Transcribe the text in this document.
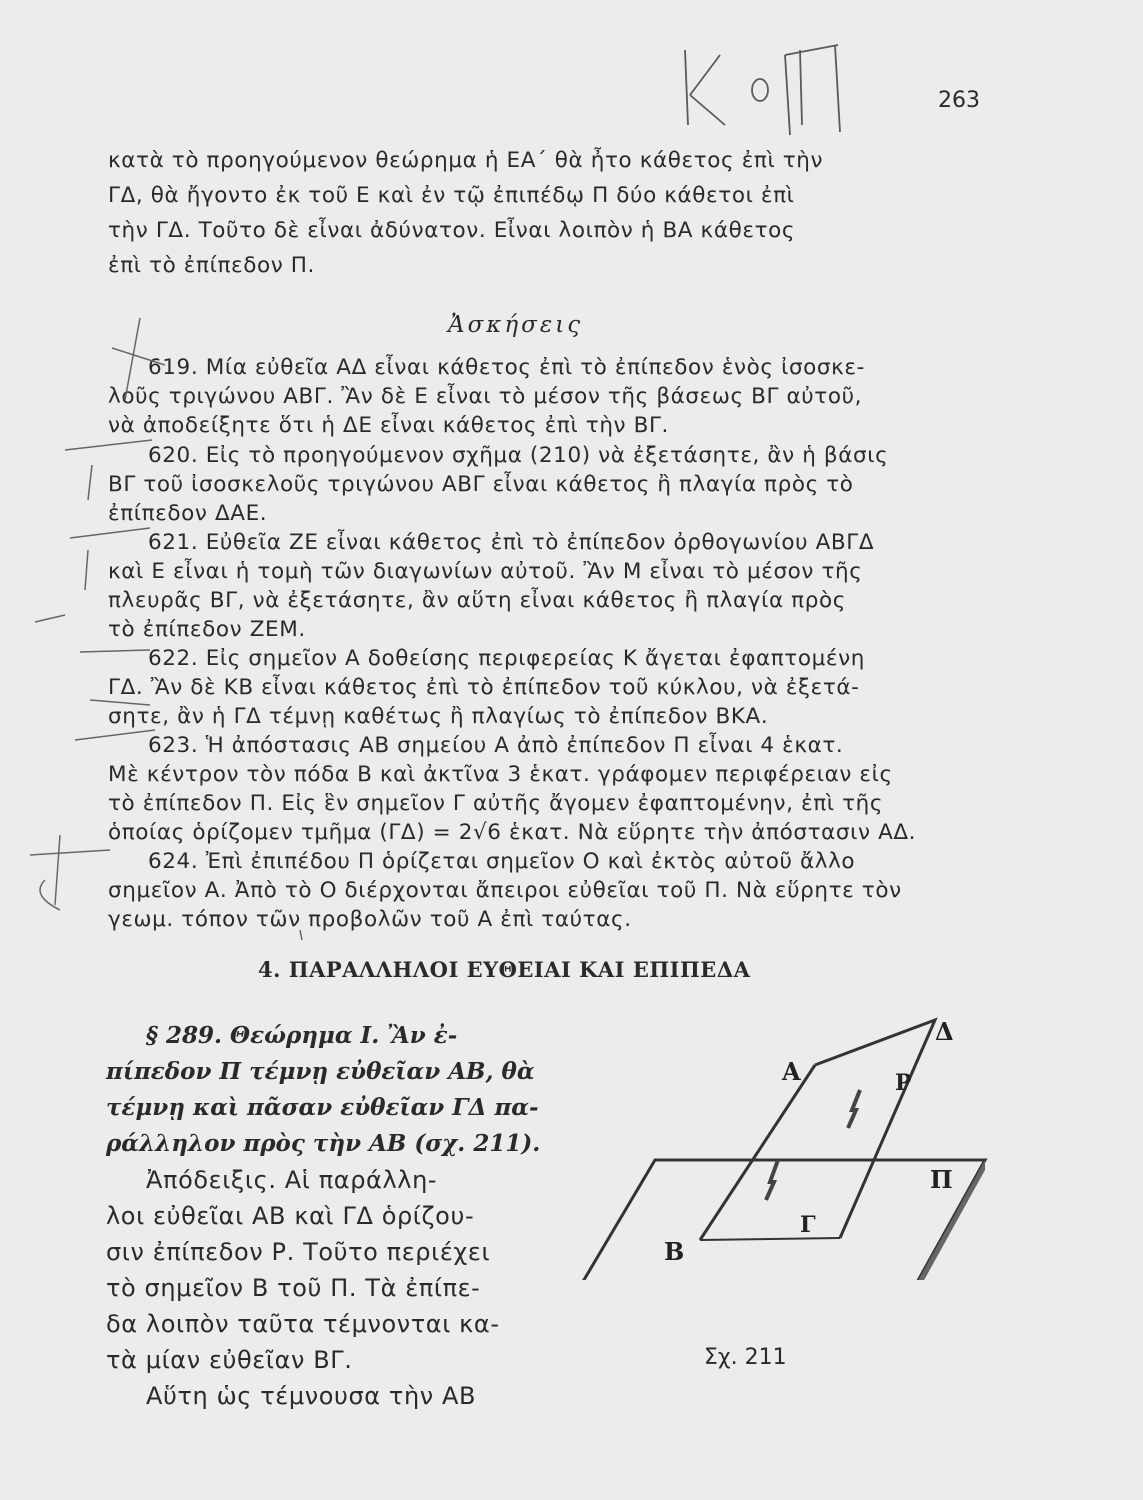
263
κατὰ τὸ προηγούμενον θεώρημα ἡ ΕΑ΄ θὰ ἦτο κάθετος ἐπὶ τὴν
ΓΔ, θὰ ἤγοντο ἐκ τοῦ Ε καὶ ἐν τῷ ἐπιπέδῳ Π δύο κάθετοι ἐπὶ
τὴν ΓΔ. Τοῦτο δὲ εἶναι ἀδύνατον. Εἶναι λοιπὸν ἡ ΒΑ κάθετος
ἐπὶ τὸ ἐπίπεδον Π.
Ἀσκήσεις
619. Μία εὐθεῖα ΑΔ εἶναι κάθετος ἐπὶ τὸ ἐπίπεδον ἑνὸς ἰσοσκε-
λοῦς τριγώνου ΑΒΓ. Ἂν δὲ Ε εἶναι τὸ μέσον τῆς βάσεως ΒΓ αὐτοῦ,
νὰ ἀποδείξητε ὅτι ἡ ΔΕ εἶναι κάθετος ἐπὶ τὴν ΒΓ.
620. Εἰς τὸ προηγούμενον σχῆμα (210) νὰ ἐξετάσητε, ἂν ἡ βάσις
ΒΓ τοῦ ἰσοσκελοῦς τριγώνου ΑΒΓ εἶναι κάθετος ἢ πλαγία πρὸς τὸ
ἐπίπεδον ΔΑΕ.
621. Εὐθεῖα ΖΕ εἶναι κάθετος ἐπὶ τὸ ἐπίπεδον ὀρθογωνίου ΑΒΓΔ
καὶ Ε εἶναι ἡ τομὴ τῶν διαγωνίων αὐτοῦ. Ἂν Μ εἶναι τὸ μέσον τῆς
πλευρᾶς ΒΓ, νὰ ἐξετάσητε, ἂν αὕτη εἶναι κάθετος ἢ πλαγία πρὸς
τὸ ἐπίπεδον ΖΕΜ.
622. Εἰς σημεῖον Α δοθείσης περιφερείας Κ ἄγεται ἐφαπτομένη
ΓΔ. Ἂν δὲ ΚΒ εἶναι κάθετος ἐπὶ τὸ ἐπίπεδον τοῦ κύκλου, νὰ ἐξετά-
σητε, ἂν ἡ ΓΔ τέμνῃ καθέτως ἢ πλαγίως τὸ ἐπίπεδον ΒΚΑ.
623. Ἡ ἀπόστασις ΑΒ σημείου Α ἀπὸ ἐπίπεδον Π εἶναι 4 ἑκατ.
Μὲ κέντρον τὸν πόδα Β καὶ ἀκτῖνα 3 ἑκατ. γράφομεν περιφέρειαν εἰς
τὸ ἐπίπεδον Π. Εἰς ἓν σημεῖον Γ αὐτῆς ἄγομεν ἐφαπτομένην, ἐπὶ τῆς
ὁποίας ὁρίζομεν τμῆμα (ΓΔ) = 2√6 ἑκατ. Νὰ εὕρητε τὴν ἀπόστασιν ΑΔ.
624. Ἐπὶ ἐπιπέδου Π ὁρίζεται σημεῖον Ο καὶ ἐκτὸς αὐτοῦ ἄλλο
σημεῖον Α. Ἀπὸ τὸ Ο διέρχονται ἄπειροι εὐθεῖαι τοῦ Π. Νὰ εὕρητε τὸν
γεωμ. τόπον τῶν προβολῶν τοῦ Α ἐπὶ ταύτας.
4. ΠΑΡΑΛΛΗΛΟΙ ΕΥΘΕΙΑΙ ΚΑΙ ΕΠΙΠΕΔΑ
§ 289. Θεώρημα Ι. Ἂν ἐ-
πίπεδον Π τέμνῃ εὐθεῖαν ΑΒ, θὰ
τέμνῃ καὶ πᾶσαν εὐθεῖαν ΓΔ πα-
ράλληλον πρὸς τὴν ΑΒ (σχ. 211).
Ἀπόδειξις. Αἱ παράλλη-
λοι εὐθεῖαι ΑΒ καὶ ΓΔ ὁρίζου-
σιν ἐπίπεδον Ρ. Τοῦτο περιέχει
τὸ σημεῖον Β τοῦ Π. Τὰ ἐπίπε-
δα λοιπὸν ταῦτα τέμνονται κα-
τὰ μίαν εὐθεῖαν ΒΓ.
Αὕτη ὡς τέμνουσα τὴν ΑΒ
Α
Δ
Ρ
Π
Β
Γ
Σχ. 211
